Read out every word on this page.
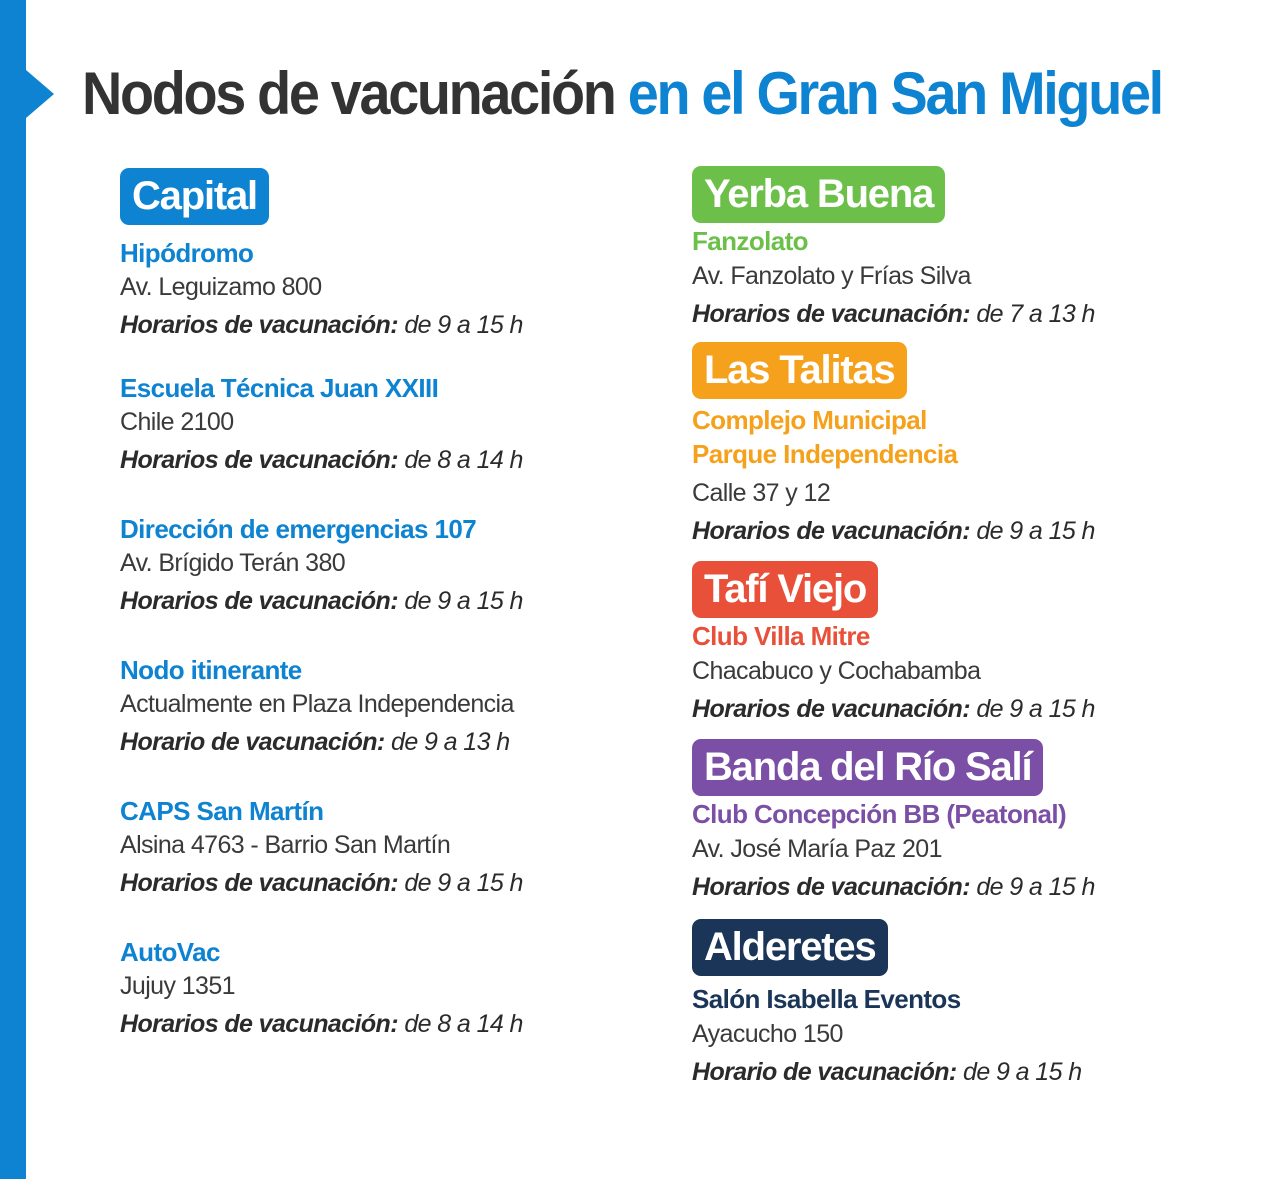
Nodos de vacunación en el Gran San Miguel
Capital
Hipódromo
Av. Leguizamo 800
Horarios de vacunación: de 9 a 15 h
Escuela Técnica Juan XXIII
Chile 2100
Horarios de vacunación: de 8 a 14 h
Dirección de emergencias 107
Av. Brígido Terán 380
Horarios de vacunación: de 9 a 15 h
Nodo itinerante
Actualmente en Plaza Independencia
Horario de vacunación: de 9 a 13 h
CAPS San Martín
Alsina 4763 - Barrio San Martín
Horarios de vacunación: de 9 a 15 h
AutoVac
Jujuy 1351
Horarios de vacunación: de 8 a 14 h
Yerba Buena
Fanzolato
Av. Fanzolato y Frías Silva
Horarios de vacunación: de 7 a 13 h
Las Talitas
Complejo Municipal
Parque Independencia
Calle 37 y 12
Horarios de vacunación: de 9 a 15 h
Tafí Viejo
Club Villa Mitre
Chacabuco y Cochabamba
Horarios de vacunación: de 9 a 15 h
Banda del Río Salí
Club Concepción BB (Peatonal)
Av. José María Paz 201
Horarios de vacunación: de 9 a 15 h
Alderetes
Salón Isabella Eventos
Ayacucho 150
Horario de vacunación: de 9 a 15 h
